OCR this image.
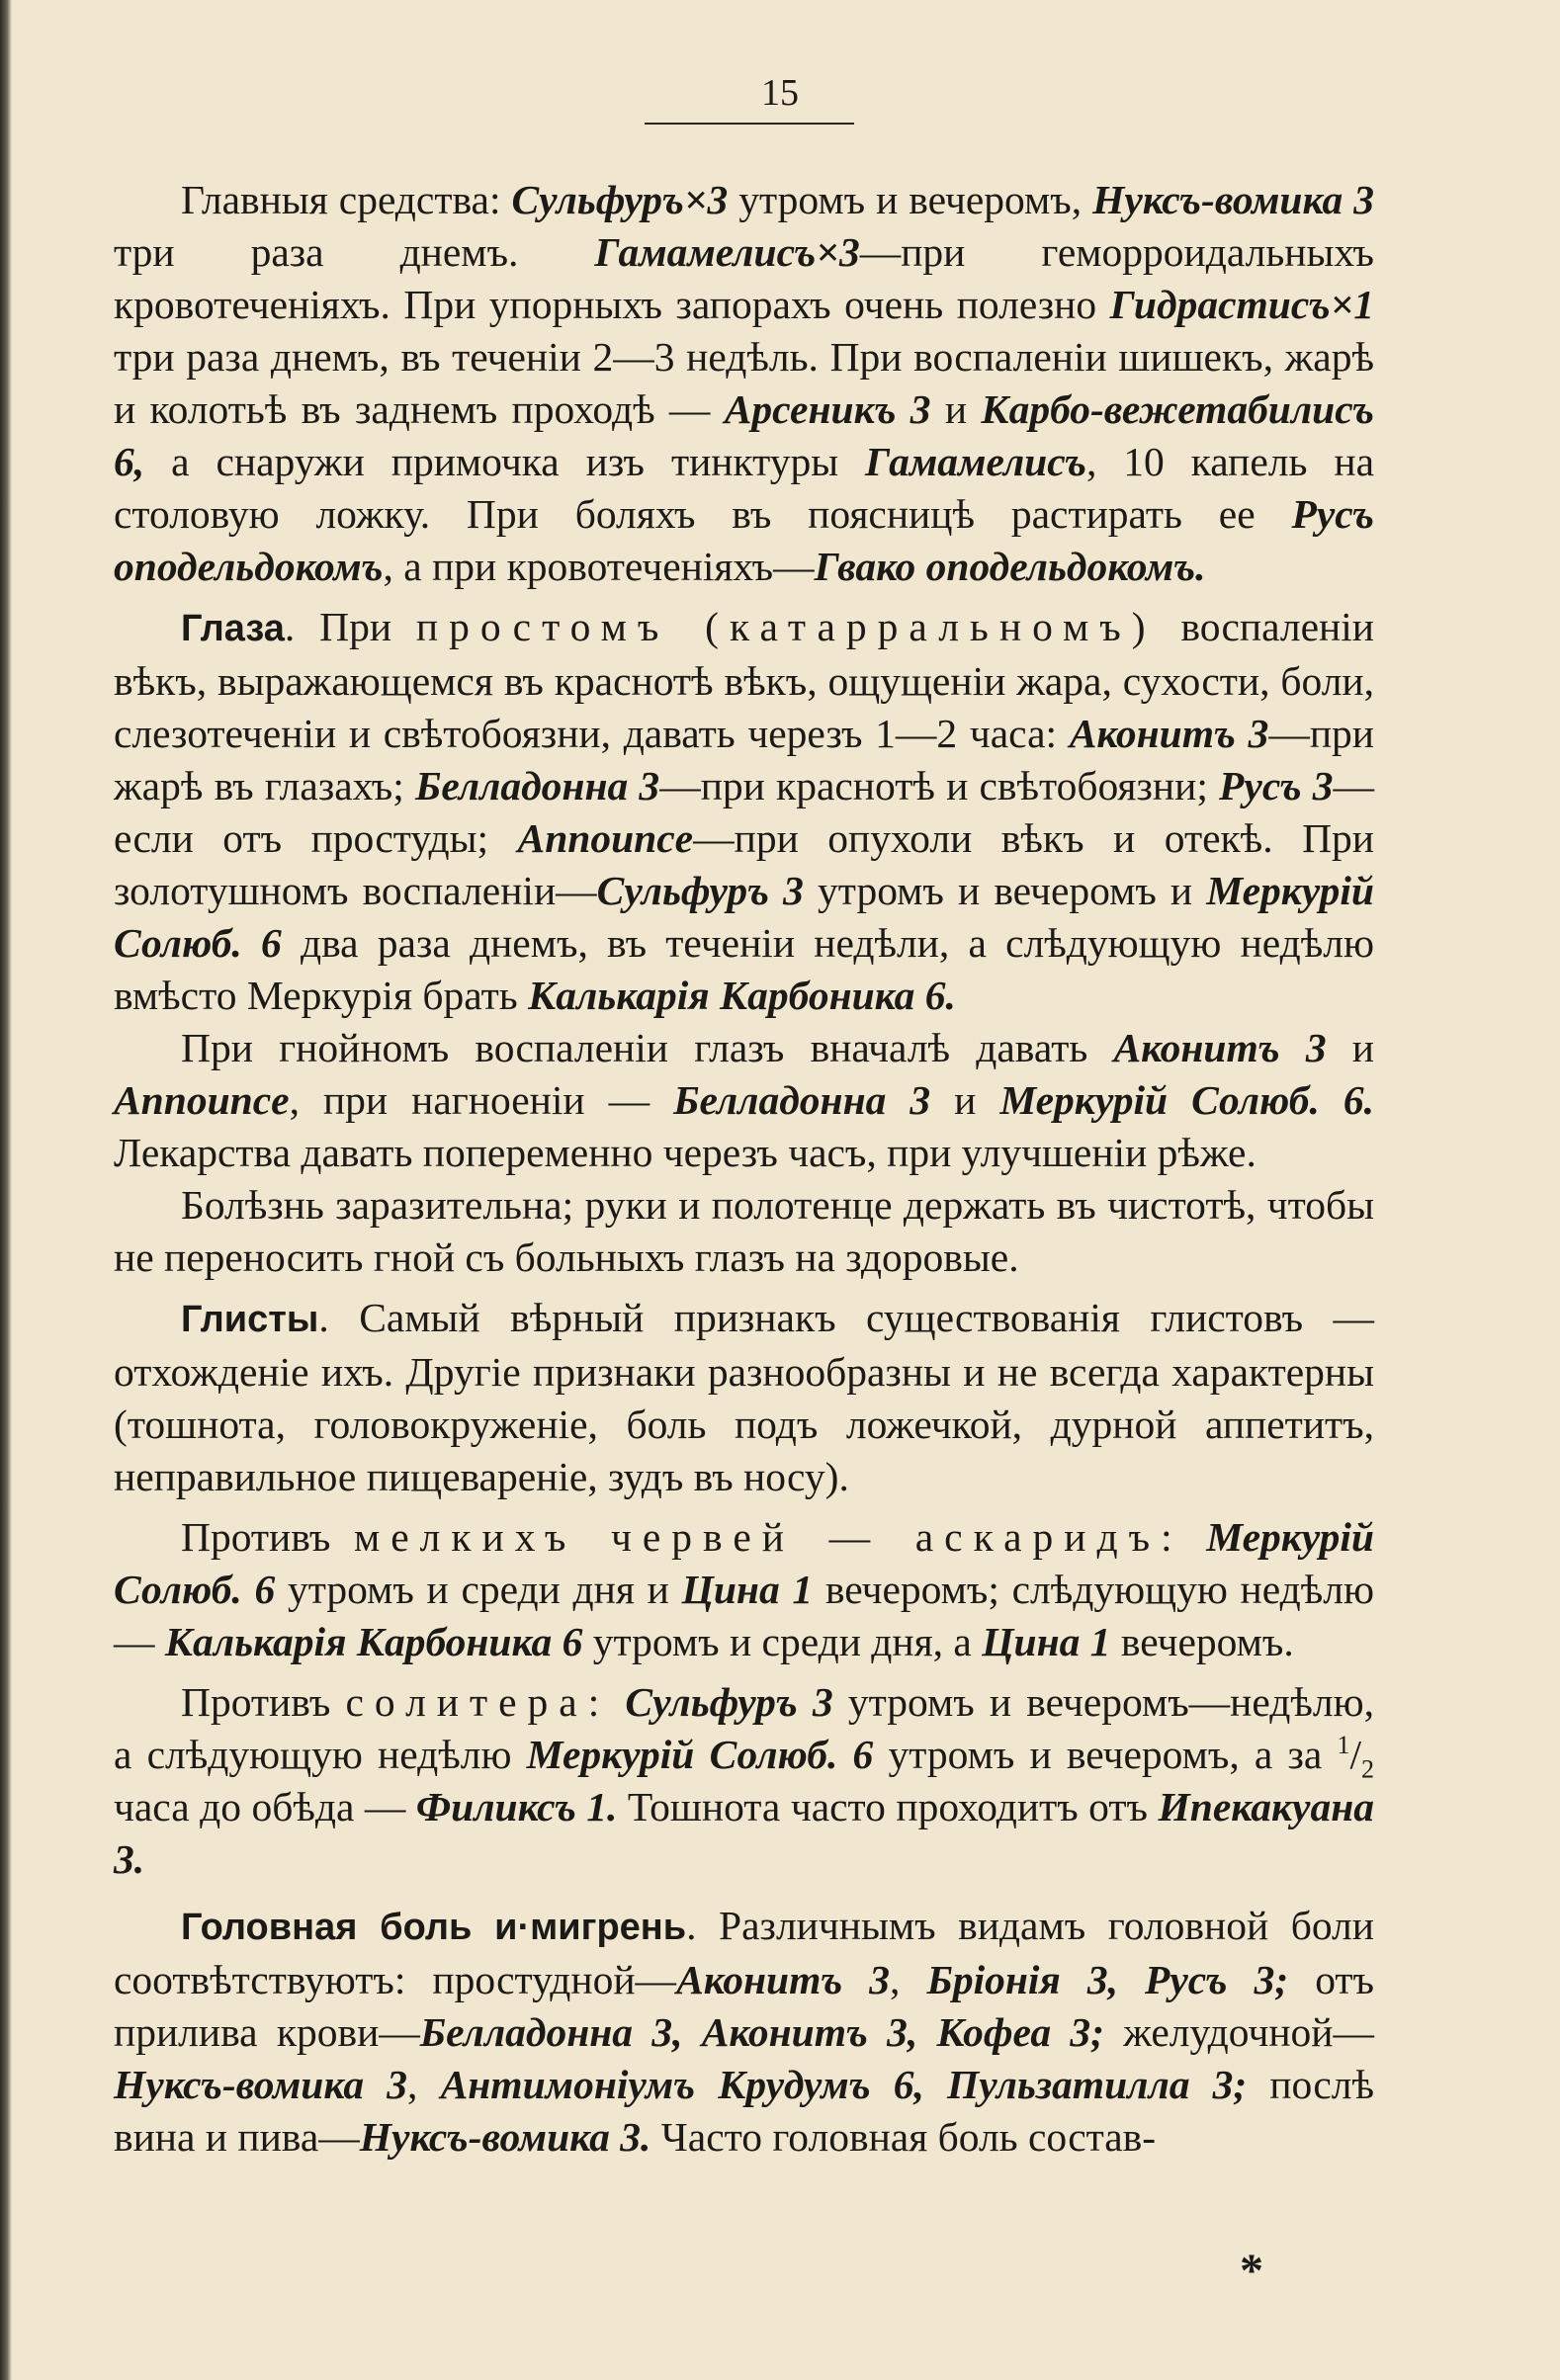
15

Главныя средства: Сульфуръ×3 утромъ и вечеромъ, Нуксъ-вомика 3 три раза днемъ. Гамамелисъ×3—при геморроидальныхъ кровотеченіяхъ. При упорныхъ запорахъ очень полезно Гидрастисъ×1 три раза днемъ, въ теченіи 2—3 недѣль. При воспаленіи шишекъ, жарѣ и колотьѣ въ заднемъ проходѣ — Арсеникъ 3 и Карбо-вежетабилисъ 6, а снаружи примочка изъ тинктуры Гамамелисъ, 10 капель на столовую ложку. При боляхъ въ поясницѣ растирать ее Русъ оподельдокомъ, а при кровотеченіяхъ—Гвако оподельдокомъ.

Глаза. При простомъ (катарральномъ) воспаленіи вѣкъ, выражающемся въ краснотѣ вѣкъ, ощущеніи жара, сухости, боли, слезотеченіи и свѣтобоязни, давать черезъ 1—2 часа: Аконитъ 3—при жарѣ въ глазахъ; Белладонна 3—при краснотѣ и свѣтобоязни; Русъ 3—если отъ простуды; Announce—при опухоли вѣкъ и отекѣ. При золотушномъ воспаленіи—Сульфуръ 3 утромъ и вечеромъ и Меркурій Солюб. 6 два раза днемъ, въ теченіи недѣли, а слѣдующую недѣлю вмѣсто Меркурія брать Калькарія Карбоника 6.

При гнойномъ воспаленіи глазъ вначалѣ давать Аконитъ 3 и Announce, при нагноеніи — Белладонна 3 и Меркурій Солюб. 6. Лекарства давать попеременно черезъ часъ, при улучшеніи рѣже.

Болѣзнь заразительна; руки и полотенце держать въ чистотѣ, чтобы не переносить гной съ больныхъ глазъ на здоровые.

Глисты. Самый вѣрный признакъ существованія глистовъ — отхожденіе ихъ. Другіе признаки разнообразны и не всегда характерны (тошнота, головокруженіе, боль подъ ложечкой, дурной аппетитъ, неправильное пищевареніе, зудъ въ носу).

Противъ мелкихъ червей — аскаридъ: Меркурій Солюб. 6 утромъ и среди дня и Цина 1 вечеромъ; слѣдующую недѣлю — Калькарія Карбоника 6 утромъ и среди дня, а Цина 1 вечеромъ.

Противъ солитера: Сульфуръ 3 утромъ и вечеромъ—недѣлю, а слѣдующую недѣлю Меркурій Солюб. 6 утромъ и вечеромъ, а за $^1/_2$ часа до обѣда — Филиксъ 1. Тошнота часто проходитъ отъ Ипекакуана 3.

Головная боль и·мигрень. Различнымъ видамъ головной боли соотвѣтствуютъ: простудной—Аконитъ 3, Бріонія 3, Русъ 3; отъ прилива крови—Белладонна 3, Аконитъ 3, Кофеа 3; желудочной—Нуксъ-вомика 3, Антимоніумъ Крудумъ 6, Пульзатилла 3; послѣ вина и пива—Нуксъ-вомика 3. Часто головная боль состав-

*
